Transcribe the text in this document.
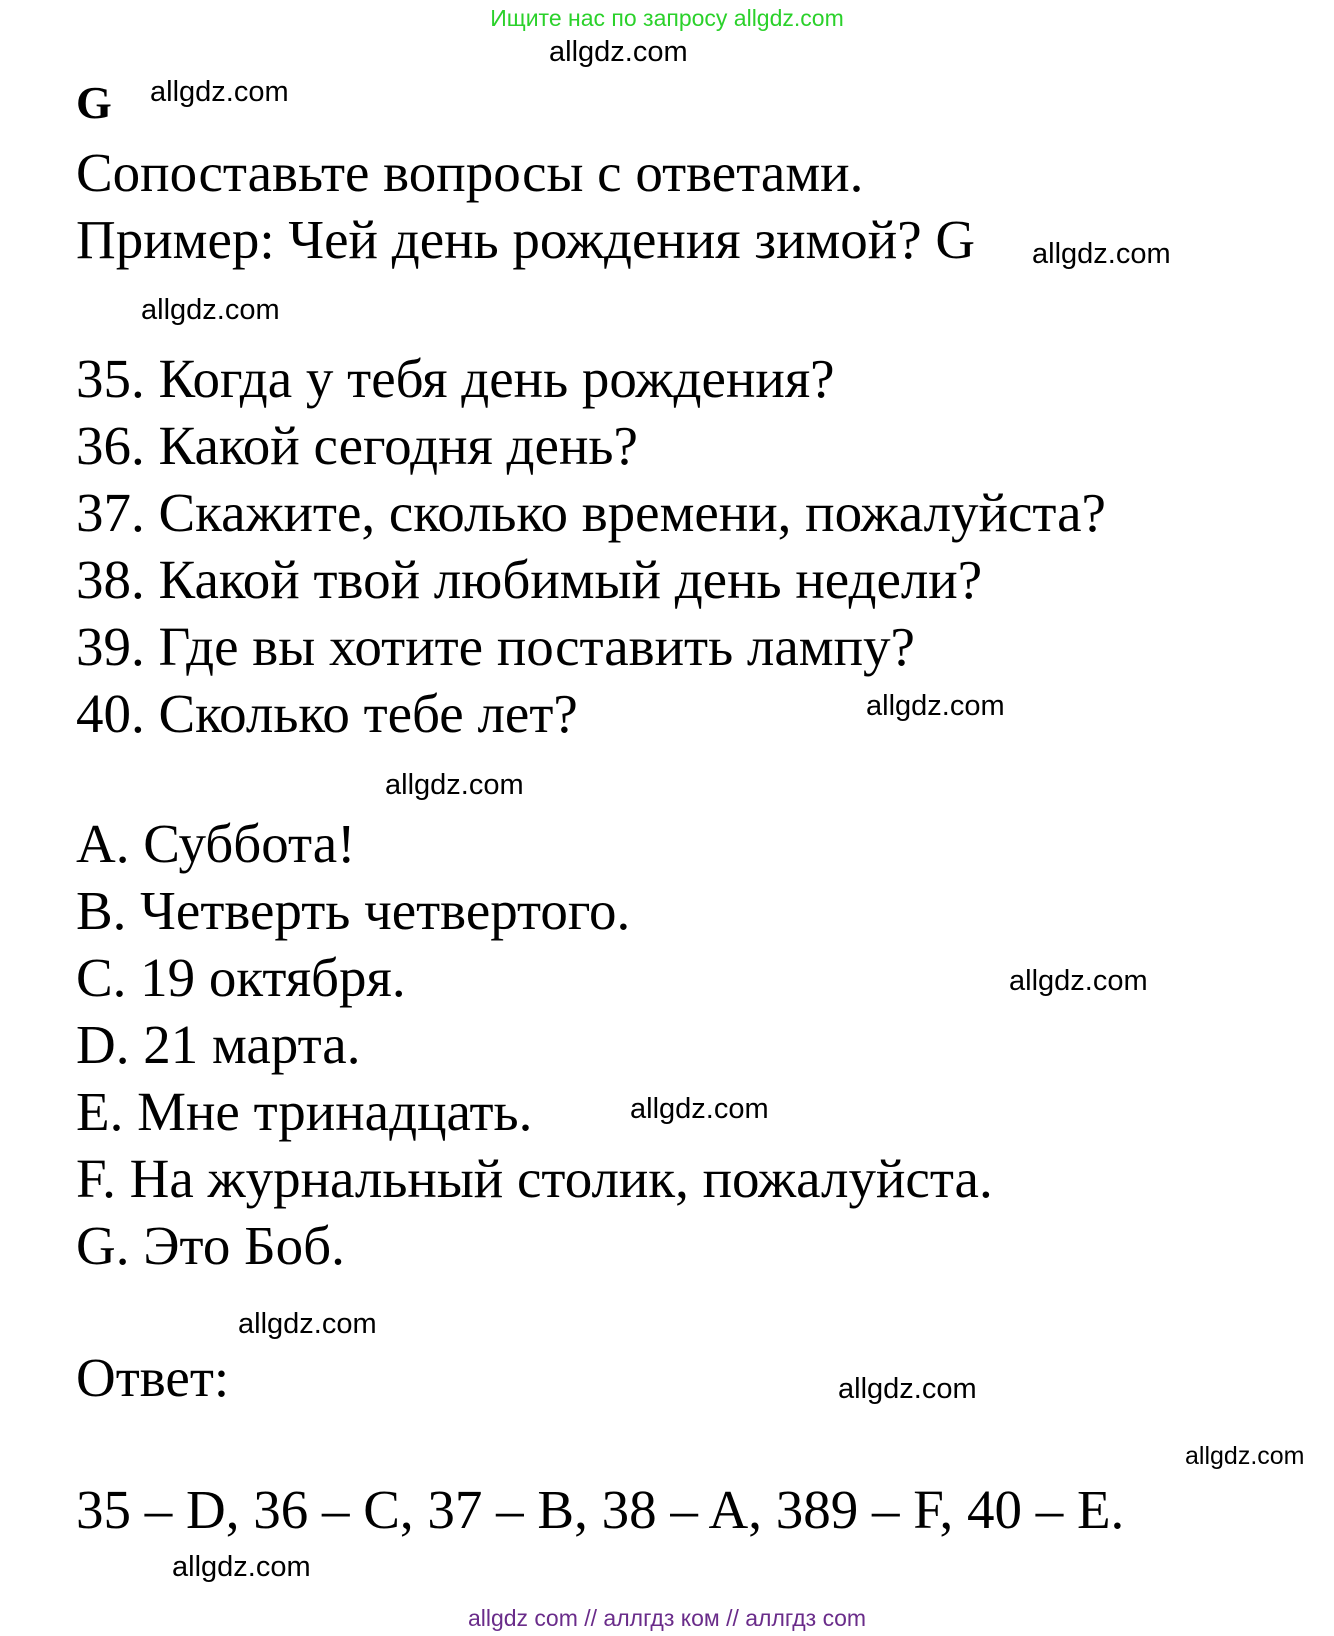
Ищите нас по запросу allgdz.com
allgdz.com
allgdz.com
allgdz.com
allgdz.com
allgdz.com
allgdz.com
allgdz.com
allgdz.com
allgdz.com
allgdz.com
allgdz.com
allgdz.com
G
Сопоставьте вопросы с ответами.
Пример: Чей день рождения зимой? G
35. Когда у тебя день рождения?
36. Какой сегодня день?
37. Скажите, сколько времени, пожалуйста?
38. Какой твой любимый день недели?
39. Где вы хотите поставить лампу?
40. Сколько тебе лет?
A. Суббота!
B. Четверть четвертого.
C. 19 октября.
D. 21 марта.
E. Мне тринадцать.
F. На журнальный столик, пожалуйста.
G. Это Боб.
Ответ:
35 – D, 36 – C, 37 – B, 38 – A, 389 – F, 40 – E.
allgdz com // аллгдз ком // аллгдз com
